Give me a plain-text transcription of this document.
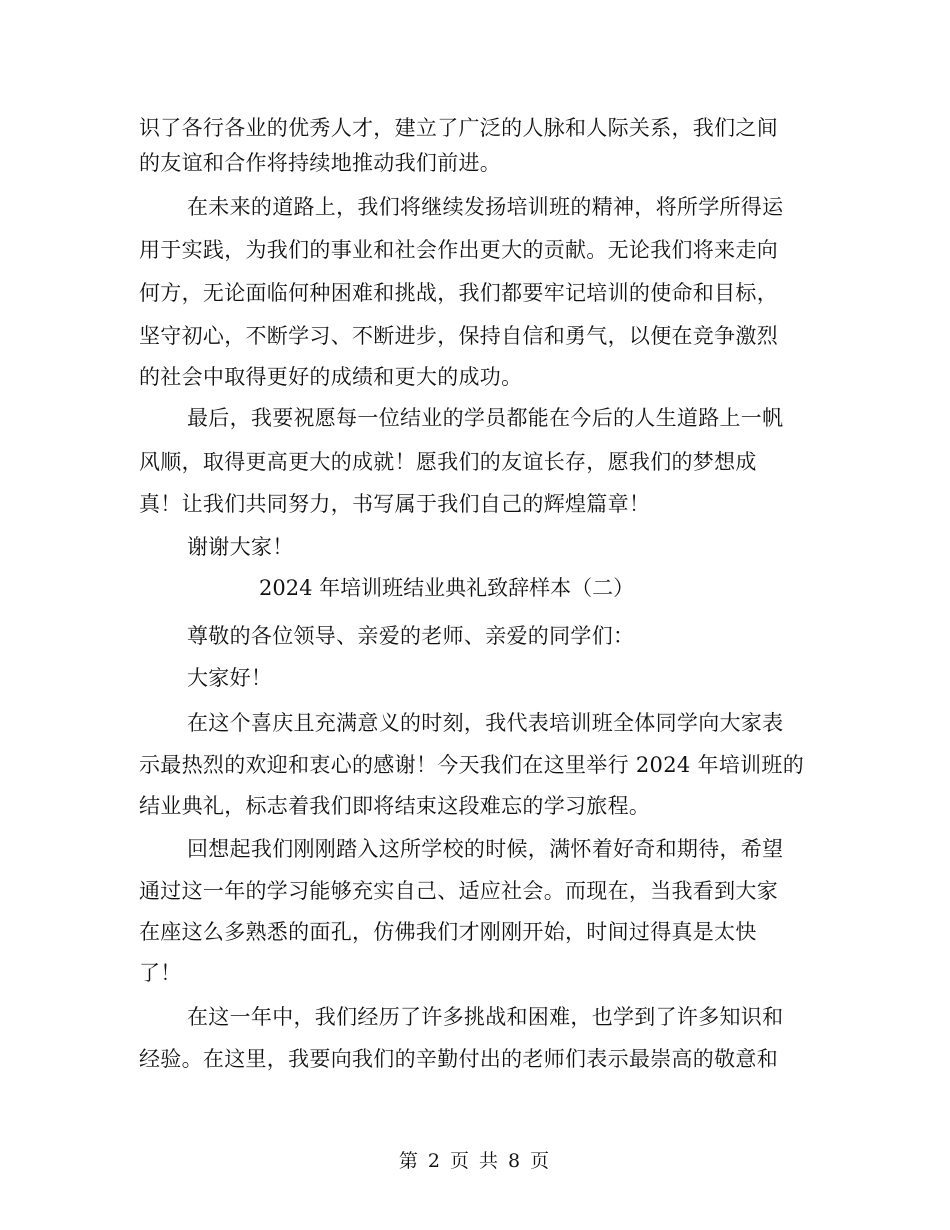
识了各行各业的优秀人才，建立了广泛的人脉和人际关系，我们之间
的友谊和合作将持续地推动我们前进。
在未来的道路上，我们将继续发扬培训班的精神，将所学所得运
用于实践，为我们的事业和社会作出更大的贡献。无论我们将来走向
何方，无论面临何种困难和挑战，我们都要牢记培训的使命和目标，
坚守初心，不断学习、不断进步，保持自信和勇气，以便在竞争激烈
的社会中取得更好的成绩和更大的成功。
最后，我要祝愿每一位结业的学员都能在今后的人生道路上一帆
风顺，取得更高更大的成就！愿我们的友谊长存，愿我们的梦想成
真！让我们共同努力，书写属于我们自己的辉煌篇章！
谢谢大家！
2024 年培训班结业典礼致辞样本（二）
尊敬的各位领导、亲爱的老师、亲爱的同学们：
大家好！
在这个喜庆且充满意义的时刻，我代表培训班全体同学向大家表
示最热烈的欢迎和衷心的感谢！今天我们在这里举行 2024 年培训班的
结业典礼，标志着我们即将结束这段难忘的学习旅程。
回想起我们刚刚踏入这所学校的时候，满怀着好奇和期待，希望
通过这一年的学习能够充实自己、适应社会。而现在，当我看到大家
在座这么多熟悉的面孔，仿佛我们才刚刚开始，时间过得真是太快
了！
在这一年中，我们经历了许多挑战和困难，也学到了许多知识和
经验。在这里，我要向我们的辛勤付出的老师们表示最崇高的敬意和
第 2 页 共 8 页
